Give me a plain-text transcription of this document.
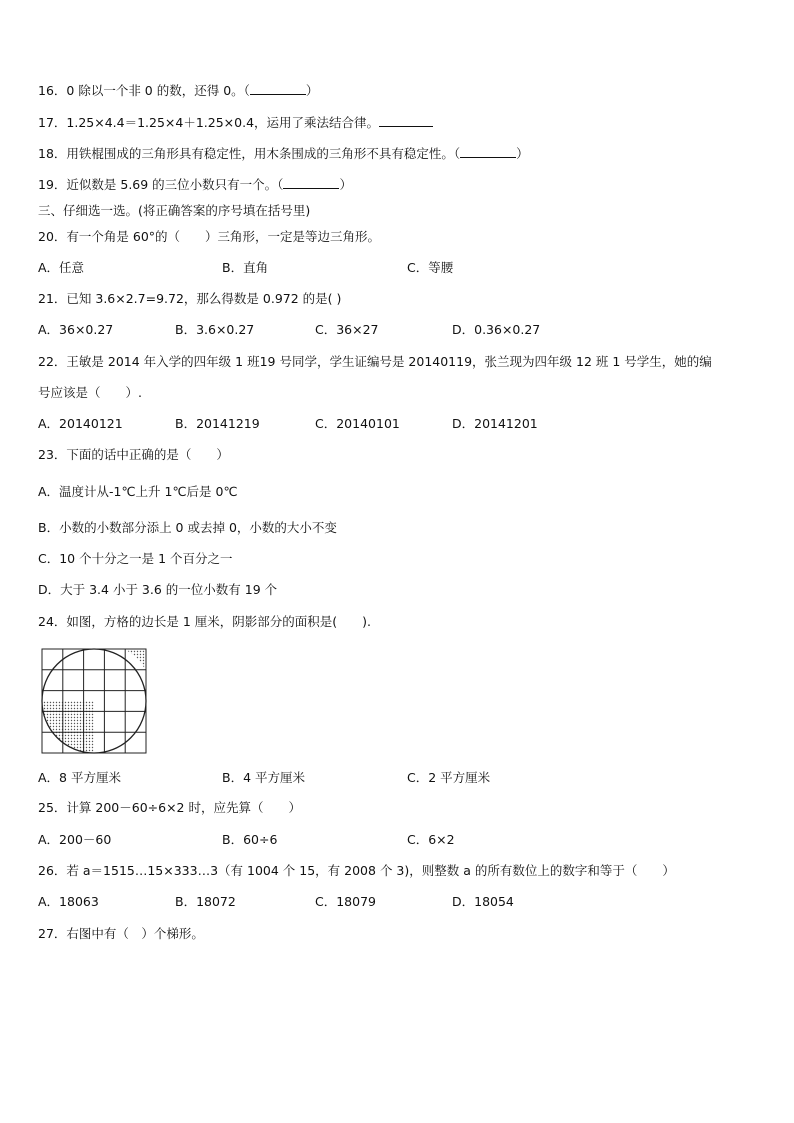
16．0 除以一个非 0 的数，还得 0。（	）
17．1.25×4.4＝1.25×4＋1.25×0.4，运用了乘法结合律。
18．用铁棍围成的三角形具有稳定性，用木条围成的三角形不具有稳定性。（	）
19．近似数是 5.69 的三位小数只有一个。（	）
三、仔细选一选。(将正确答案的序号填在括号里)
20．有一个角是 60°的（　　）三角形，一定是等边三角形。
A．任意	B．直角	C．等腰
21．已知 3.6×2.7=9.72，那么得数是 0.972 的是( )
A．36×0.27	B．3.6×0.27	C．36×27	D．0.36×0.27
22．王敏是 2014 年入学的四年级 1 班19 号同学，学生证编号是 20140119，张兰现为四年级 12 班 1 号学生，她的编
号应该是（　　）.
A．20140121	B．20141219	C．20140101	D．20141201
23．下面的话中正确的是（　　）
A．温度计从-1℃上升 1℃后是 0℃
B．小数的小数部分添上 0 或去掉 0，小数的大小不变
C．10 个十分之一是 1 个百分之一
D．大于 3.4 小于 3.6 的一位小数有 19 个
24．如图，方格的边长是 1 厘米，阴影部分的面积是(　　).
A．8 平方厘米	B．4 平方厘米	C．2 平方厘米
25．计算 200－60÷6×2 时，应先算（　　）
A．200－60	B．60÷6	C．6×2
26．若 a＝1515…15×333…3（有 1004 个 15，有 2008 个 3)，则整数 a 的所有数位上的数字和等于（　　）
A．18063	B．18072	C．18079	D．18054
27．右图中有（　）个梯形。
